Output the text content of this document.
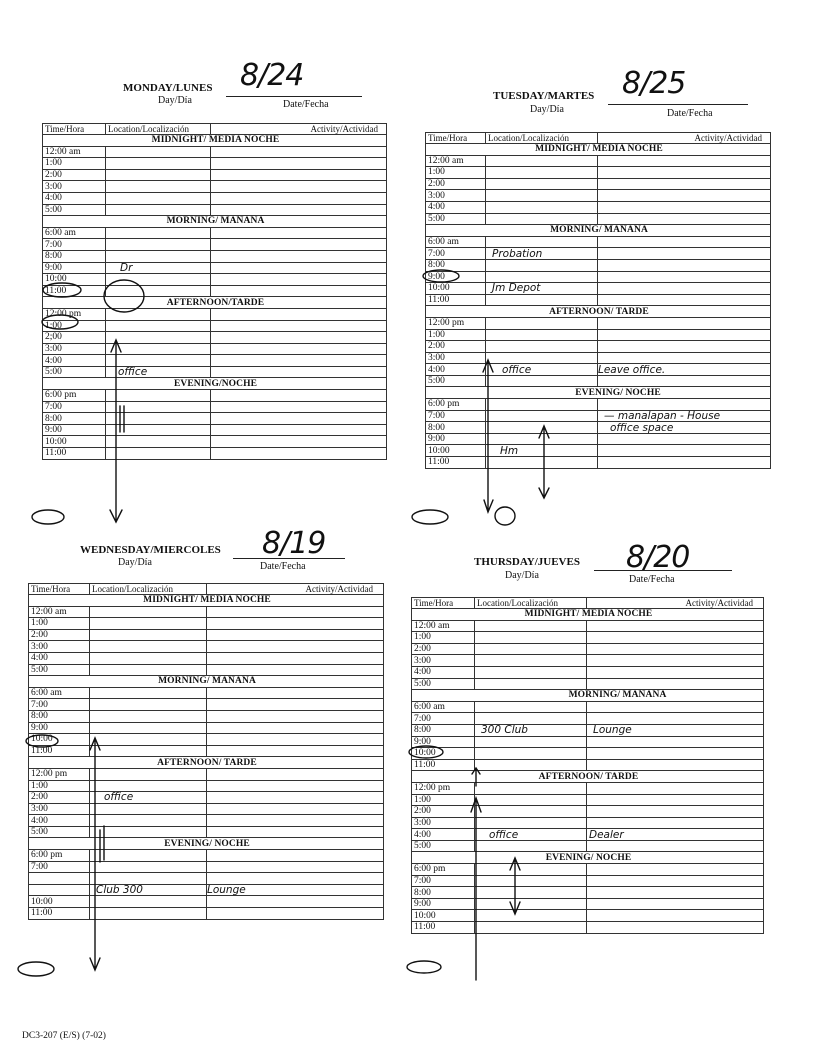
MONDAY/LUNES 8/24
Day/Día	Date/Fecha
Time/Hora	Location/Localización	Activity/Actividad
MIDNIGHT/ MEDIA NOCHE		
12:00 am		
1:00		
2:00		
3:00		
4:00		
5:00		
MORNING/ MAÑANA		
6:00 am		
7:00		
8:00		
9:00	Dr	
10:00		
11:00		
AFTERNOON/TARDE		
12:00 pm		
1:00		
2;00		
3:00		
4:00		
5:00	office	
EVENING/NOCHE		
6:00 pm		
7:00		
8:00		
9:00		
10:00		
11:00		
TUESDAY/MARTES 8/25
Day/Día	Date/Fecha
Time/Hora	Location/Localización	Activity/Actividad
MIDNIGHT/ MEDIA NOCHE		
12:00 am		
1:00		
2:00		
3:00		
4:00		
5:00		
MORNING/ MAÑANA		
6:00 am		
7:00	Probation	
8:00		
9:00		
10:00	Jm Depot	
11:00		
AFTERNOON/ TARDE		
12:00 pm		
1:00		
2:00		
3:00		
4:00	office	Leave office.
5:00		
EVENING/ NOCHE		
6:00 pm		
7:00		— manalapan - House
8:00		office space
9:00		
10:00	Hm	
11:00		
WEDNESDAY/MIERCOLES 8/19
Day/Día	Date/Fecha
Time/Hora	Location/Localización	Activity/Actividad
MIDNIGHT/ MEDIA NOCHE		
12:00 am		
1:00		
2:00		
3:00		
4:00		
5:00		
MORNING/ MAÑANA		
6:00 am		
7:00		
8:00		
9:00		
10:00		
11:00		
AFTERNOON/ TARDE		
12:00 pm		
1:00		
2:00	office	
3:00		
4:00		
5:00		
EVENING/ NOCHE		
6:00 pm		
7:00		

	Club 300	Lounge
10:00		
11:00		
THURSDAY/JUEVES 8/20
Day/Día	Date/Fecha
Time/Hora	Location/Localización	Activity/Actividad
MIDNIGHT/ MEDIA NOCHE		
12:00 am		
1:00		
2:00		
3:00		
4:00		
5:00		
MORNING/ MAÑANA		
6:00 am		
7:00		
8:00	300 Club	Lounge
9:00		
10:00		
11:00		
AFTERNOON/ TARDE		
12:00 pm		
1:00		
2:00		
3:00		
4:00	office	Dealer
5:00		
EVENING/ NOCHE		
6:00 pm		
7:00		
8:00		
9:00		
10:00		
11:00		
DC3-207 (E/S) (7-02)
